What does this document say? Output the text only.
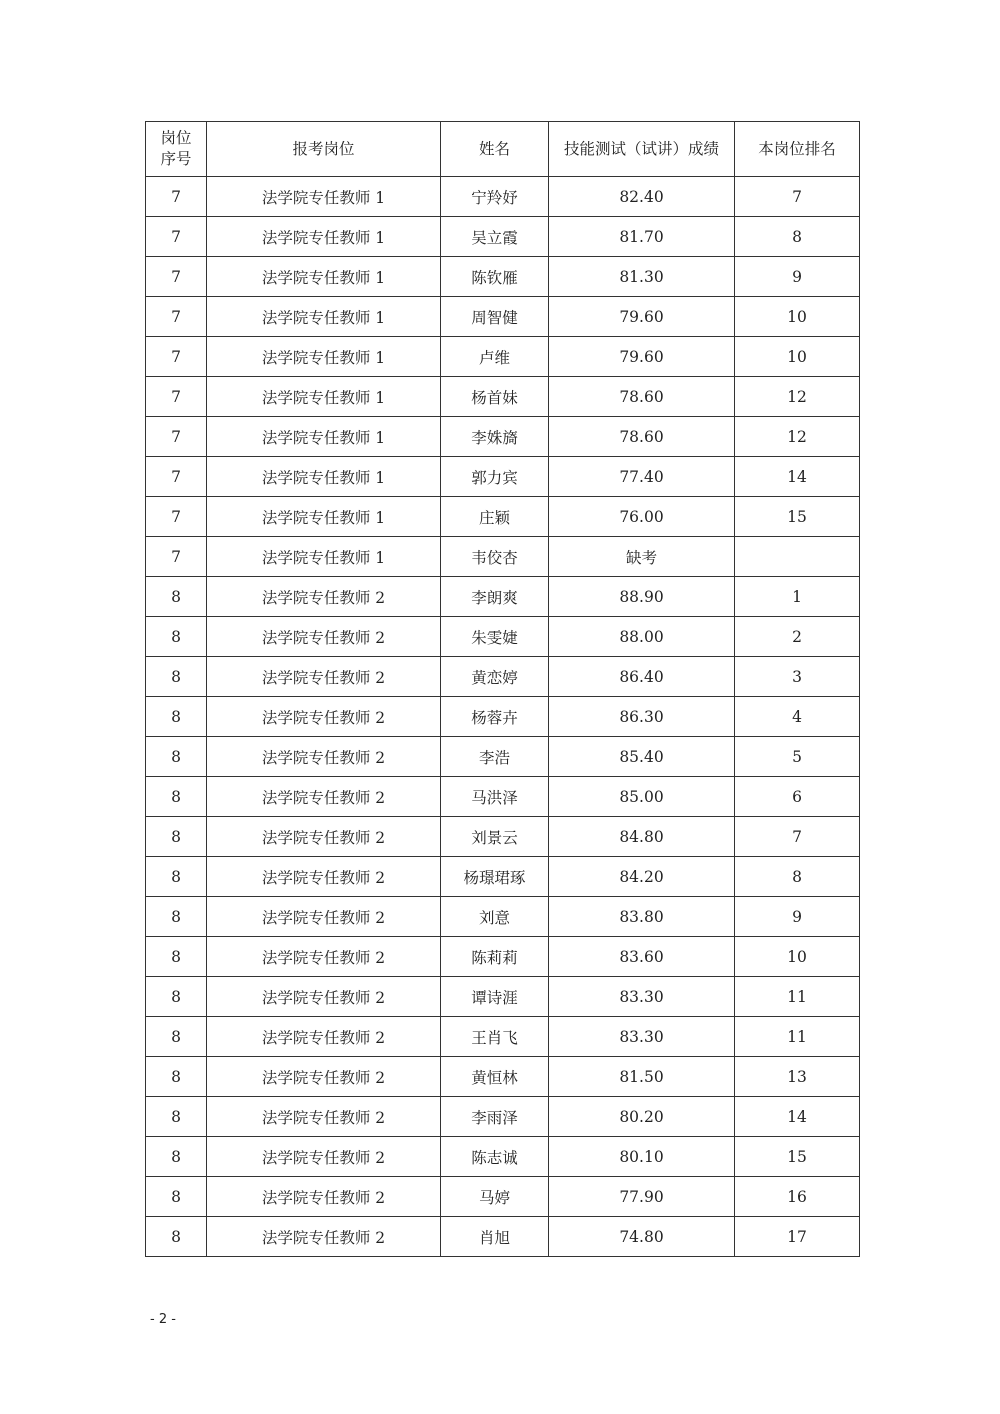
岗位
序号	报考岗位	姓名	技能测试（试讲）成绩	本岗位排名
7	法学院专任教师 1	宁羚妤	82.40	7
7	法学院专任教师 1	吴立霞	81.70	8
7	法学院专任教师 1	陈钦雁	81.30	9
7	法学院专任教师 1	周智健	79.60	10
7	法学院专任教师 1	卢维	79.60	10
7	法学院专任教师 1	杨首妹	78.60	12
7	法学院专任教师 1	李姝旖	78.60	12
7	法学院专任教师 1	郭力宾	77.40	14
7	法学院专任教师 1	庄颖	76.00	15
7	法学院专任教师 1	韦佼杏	缺考	
8	法学院专任教师 2	李朗爽	88.90	1
8	法学院专任教师 2	朱雯婕	88.00	2
8	法学院专任教师 2	黄恋婷	86.40	3
8	法学院专任教师 2	杨蓉卉	86.30	4
8	法学院专任教师 2	李浩	85.40	5
8	法学院专任教师 2	马洪泽	85.00	6
8	法学院专任教师 2	刘景云	84.80	7
8	法学院专任教师 2	杨璟珺琢	84.20	8
8	法学院专任教师 2	刘意	83.80	9
8	法学院专任教师 2	陈莉莉	83.60	10
8	法学院专任教师 2	谭诗涯	83.30	11
8	法学院专任教师 2	王肖飞	83.30	11
8	法学院专任教师 2	黄恒林	81.50	13
8	法学院专任教师 2	李雨泽	80.20	14
8	法学院专任教师 2	陈志诚	80.10	15
8	法学院专任教师 2	马婷	77.90	16
8	法学院专任教师 2	肖旭	74.80	17
- 2 -
